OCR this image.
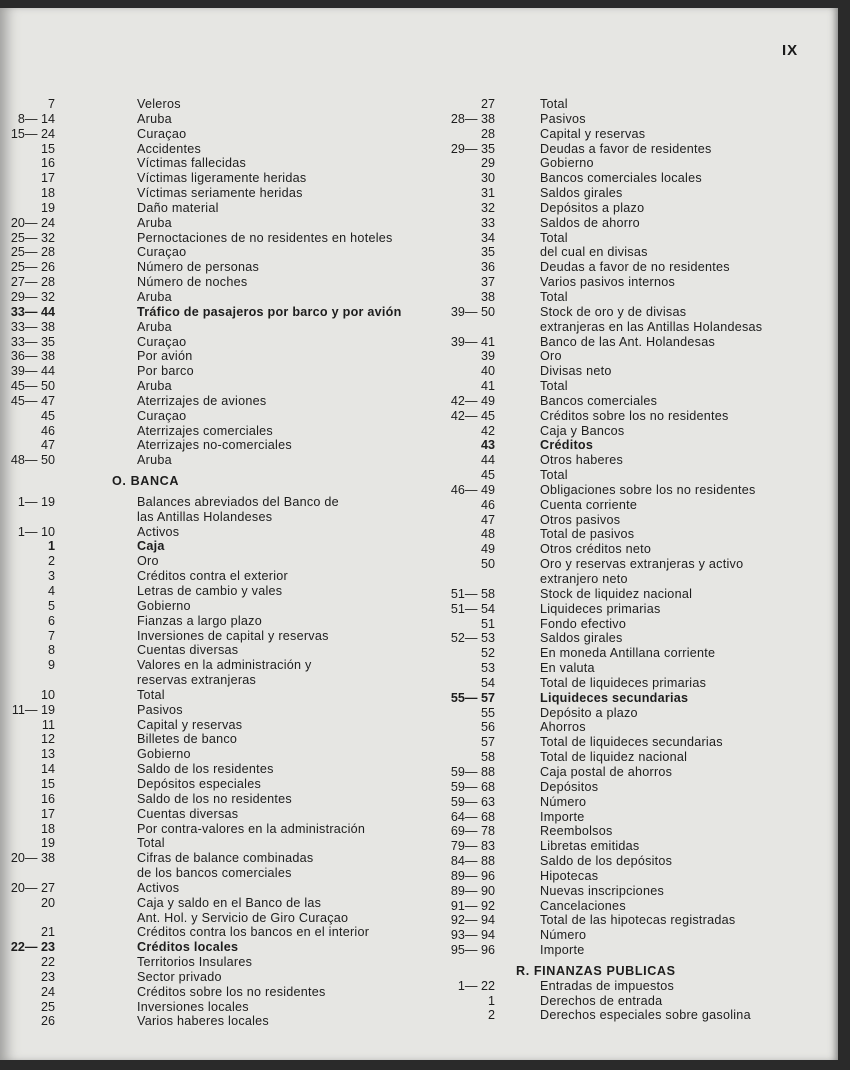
IX
7	Veleros
8— 14	Aruba
15— 24	Curaçao
15	Accidentes
16	Víctimas fallecidas
17	Víctimas ligeramente heridas
18	Víctimas seriamente heridas
19	Daño material
20— 24	Aruba
25— 32	Pernoctaciones de no residentes en hoteles
25— 28	Curaçao
25— 26	Número de personas
27— 28	Número de noches
29— 32	Aruba
33— 44	Tráfico de pasajeros por barco y por avión
33— 38	Aruba
33— 35	Curaçao
36— 38	Por avión
39— 44	Por barco
45— 50	Aruba
45— 47	Aterrizajes de aviones
45	Curaçao
46	Aterrizajes comerciales
47	Aterrizajes no-comerciales
48— 50	Aruba
O. BANCA
1— 19	Balances abreviados del Banco de
las Antillas Holandeses
1— 10	Activos
1	Caja
2	Oro
3	Créditos contra el exterior
4	Letras de cambio y vales
5	Gobierno
6	Fianzas a largo plazo
7	Inversiones de capital y reservas
8	Cuentas diversas
9	Valores en la administración y
reservas extranjeras
10	Total
11— 19	Pasivos
11	Capital y reservas
12	Billetes de banco
13	Gobierno
14	Saldo de los residentes
15	Depósitos especiales
16	Saldo de los no residentes
17	Cuentas diversas
18	Por contra-valores en la administración
19	Total
20— 38	Cifras de balance combinadas
de los bancos comerciales
20— 27	Activos
20	Caja y saldo en el Banco de las
Ant. Hol. y Servicio de Giro Curaçao
21	Créditos contra los bancos en el interior
22— 23	Créditos locales
22	Territorios Insulares
23	Sector privado
24	Créditos sobre los no residentes
25	Inversiones locales
26	Varios haberes locales
27	Total
28— 38	Pasivos
28	Capital y reservas
29— 35	Deudas a favor de residentes
29	Gobierno
30	Bancos comerciales locales
31	Saldos girales
32	Depósitos a plazo
33	Saldos de ahorro
34	Total
35	del cual en divisas
36	Deudas a favor de no residentes
37	Varios pasivos internos
38	Total
39— 50	Stock de oro y de divisas
extranjeras en las Antillas Holandesas
39— 41	Banco de las Ant. Holandesas
39	Oro
40	Divisas neto
41	Total
42— 49	Bancos comerciales
42— 45	Créditos sobre los no residentes
42	Caja y Bancos
43	Créditos
44	Otros haberes
45	Total
46— 49	Obligaciones sobre los no residentes
46	Cuenta corriente
47	Otros pasivos
48	Total de pasivos
49	Otros créditos neto
50	Oro y reservas extranjeras y activo
extranjero neto
51— 58	Stock de liquidez nacional
51— 54	Liquideces primarias
51	Fondo efectivo
52— 53	Saldos girales
52	En moneda Antillana corriente
53	En valuta
54	Total de liquideces primarias
55— 57	Liquideces secundarias
55	Depósito a plazo
56	Ahorros
57	Total de liquideces secundarias
58	Total de liquidez nacional
59— 88	Caja postal de ahorros
59— 68	Depósitos
59— 63	Número
64— 68	Importe
69— 78	Reembolsos
79— 83	Libretas emitidas
84— 88	Saldo de los depósitos
89— 96	Hipotecas
89— 90	Nuevas inscripciones
91— 92	Cancelaciones
92— 94	Total de las hipotecas registradas
93— 94	Número
95— 96	Importe
R. FINANZAS PUBLICAS
1— 22	Entradas de impuestos
1	Derechos de entrada
2	Derechos especiales sobre gasolina
